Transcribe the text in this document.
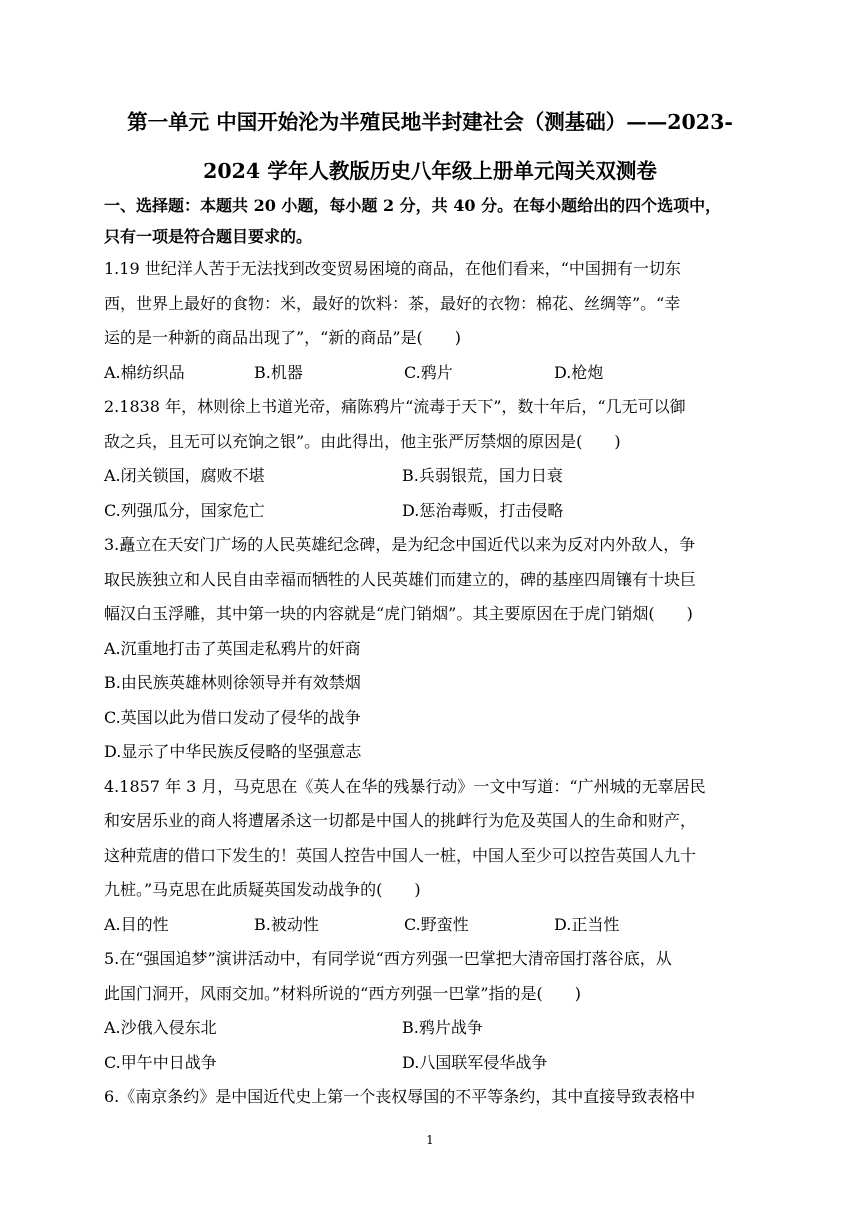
第一单元 中国开始沦为半殖民地半封建社会（测基础）——2023-
2024 学年人教版历史八年级上册单元闯关双测卷
一、选择题：本题共 20 小题，每小题 2 分，共 40 分。在每小题给出的四个选项中，
只有一项是符合题目要求的。
1.19 世纪洋人苦于无法找到改变贸易困境的商品，在他们看来，“中国拥有一切东
西，世界上最好的食物：米，最好的饮料：茶，最好的衣物：棉花、丝绸等”。“幸
运的是一种新的商品出现了”，“新的商品”是(　　)
A.棉纺织品	B.机器	C.鸦片	D.枪炮
2.1838 年，林则徐上书道光帝，痛陈鸦片“流毒于天下”，数十年后，“几无可以御
敌之兵，且无可以充饷之银”。由此得出，他主张严厉禁烟的原因是(　　)
A.闭关锁国，腐败不堪	B.兵弱银荒，国力日衰
C.列强瓜分，国家危亡	D.惩治毒贩，打击侵略
3.矗立在天安门广场的人民英雄纪念碑，是为纪念中国近代以来为反对内外敌人，争
取民族独立和人民自由幸福而牺牲的人民英雄们而建立的，碑的基座四周镶有十块巨
幅汉白玉浮雕，其中第一块的内容就是“虎门销烟”。其主要原因在于虎门销烟(　　)
A.沉重地打击了英国走私鸦片的奸商
B.由民族英雄林则徐领导并有效禁烟
C.英国以此为借口发动了侵华的战争
D.显示了中华民族反侵略的坚强意志
4.1857 年 3 月，马克思在《英人在华的残暴行动》一文中写道：“广州城的无辜居民
和安居乐业的商人将遭屠杀这一切都是中国人的挑衅行为危及英国人的生命和财产，
这种荒唐的借口下发生的！英国人控告中国人一桩，中国人至少可以控告英国人九十
九桩。”马克思在此质疑英国发动战争的(　　)
A.目的性	B.被动性	C.野蛮性	D.正当性
5.在“强国追梦”演讲活动中，有同学说“西方列强一巴掌把大清帝国打落谷底，从
此国门洞开，风雨交加。”材料所说的“西方列强一巴掌”指的是(　　)
A.沙俄入侵东北	B.鸦片战争
C.甲午中日战争	D.八国联军侵华战争
6.《南京条约》是中国近代史上第一个丧权辱国的不平等条约，其中直接导致表格中
1
